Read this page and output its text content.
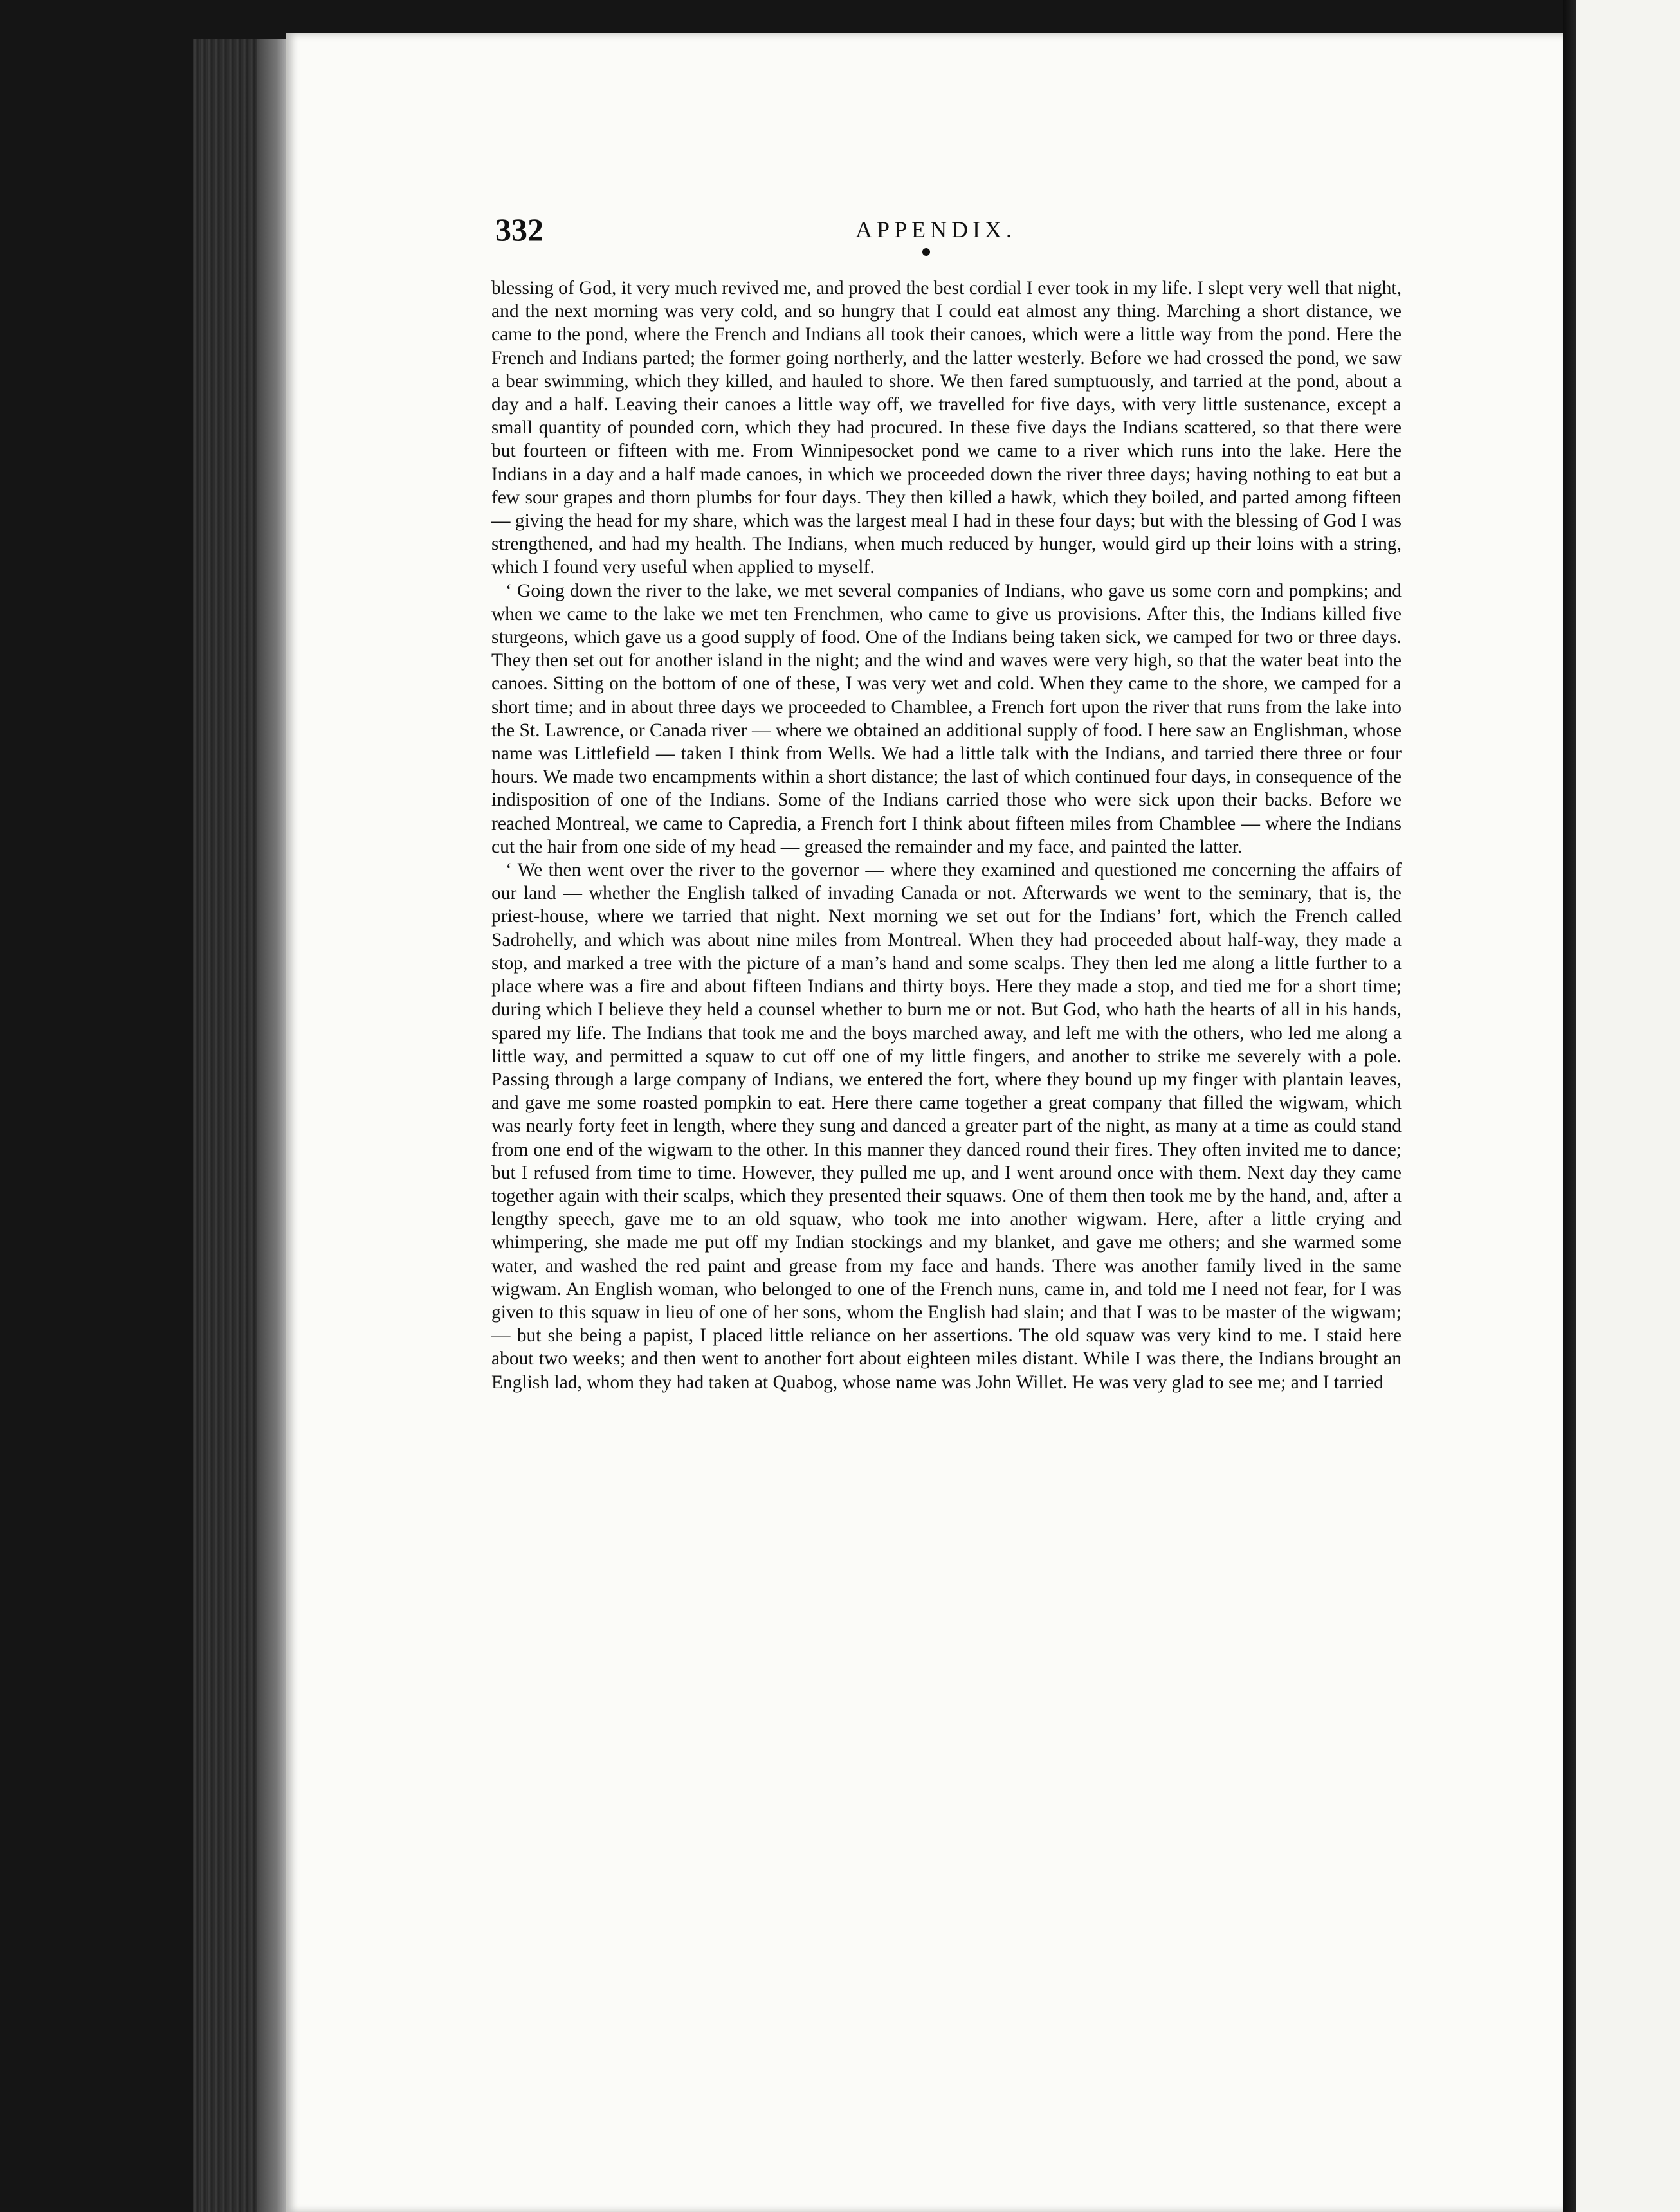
332	APPENDIX.

blessing of God, it very much revived me, and proved the best cordial I ever took in my life. I slept very well that night, and the next morning was very cold, and so hungry that I could eat almost any thing. Marching a short distance, we came to the pond, where the French and Indians all took their canoes, which were a little way from the pond. Here the French and Indians parted; the former going northerly, and the latter westerly. Before we had crossed the pond, we saw a bear swimming, which they killed, and hauled to shore. We then fared sumptuously, and tarried at the pond, about a day and a half. Leaving their canoes a little way off, we travelled for five days, with very little sustenance, except a small quantity of pounded corn, which they had procured. In these five days the Indians scattered, so that there were but fourteen or fifteen with me. From Winnipesocket pond we came to a river which runs into the lake. Here the Indians in a day and a half made canoes, in which we proceeded down the river three days; having nothing to eat but a few sour grapes and thorn plumbs for four days. They then killed a hawk, which they boiled, and parted among fifteen — giving the head for my share, which was the largest meal I had in these four days; but with the blessing of God I was strengthened, and had my health. The Indians, when much reduced by hunger, would gird up their loins with a string, which I found very useful when applied to myself.

‘ Going down the river to the lake, we met several companies of Indians, who gave us some corn and pompkins; and when we came to the lake we met ten Frenchmen, who came to give us provisions. After this, the Indians killed five sturgeons, which gave us a good supply of food. One of the Indians being taken sick, we camped for two or three days. They then set out for another island in the night; and the wind and waves were very high, so that the water beat into the canoes. Sitting on the bottom of one of these, I was very wet and cold. When they came to the shore, we camped for a short time; and in about three days we proceeded to Chamblee, a French fort upon the river that runs from the lake into the St. Lawrence, or Canada river — where we obtained an additional supply of food. I here saw an Englishman, whose name was Littlefield — taken I think from Wells. We had a little talk with the Indians, and tarried there three or four hours. We made two encampments within a short distance; the last of which continued four days, in consequence of the indisposition of one of the Indians. Some of the Indians carried those who were sick upon their backs. Before we reached Montreal, we came to Capredia, a French fort I think about fifteen miles from Chamblee — where the Indians cut the hair from one side of my head — greased the remainder and my face, and painted the latter.

‘ We then went over the river to the governor — where they examined and questioned me concerning the affairs of our land — whether the English talked of invading Canada or not. Afterwards we went to the seminary, that is, the priest-house, where we tarried that night. Next morning we set out for the Indians’ fort, which the French called Sadrohelly, and which was about nine miles from Montreal. When they had proceeded about half-way, they made a stop, and marked a tree with the picture of a man’s hand and some scalps. They then led me along a little further to a place where was a fire and about fifteen Indians and thirty boys. Here they made a stop, and tied me for a short time; during which I believe they held a counsel whether to burn me or not. But God, who hath the hearts of all in his hands, spared my life. The Indians that took me and the boys marched away, and left me with the others, who led me along a little way, and permitted a squaw to cut off one of my little fingers, and another to strike me severely with a pole. Passing through a large company of Indians, we entered the fort, where they bound up my finger with plantain leaves, and gave me some roasted pompkin to eat. Here there came together a great company that filled the wigwam, which was nearly forty feet in length, where they sung and danced a greater part of the night, as many at a time as could stand from one end of the wigwam to the other. In this manner they danced round their fires. They often invited me to dance; but I refused from time to time. However, they pulled me up, and I went around once with them. Next day they came together again with their scalps, which they presented their squaws. One of them then took me by the hand, and, after a lengthy speech, gave me to an old squaw, who took me into another wigwam. Here, after a little crying and whimpering, she made me put off my Indian stockings and my blanket, and gave me others; and she warmed some water, and washed the red paint and grease from my face and hands. There was another family lived in the same wigwam. An English woman, who belonged to one of the French nuns, came in, and told me I need not fear, for I was given to this squaw in lieu of one of her sons, whom the English had slain; and that I was to be master of the wigwam; — but she being a papist, I placed little reliance on her assertions. The old squaw was very kind to me. I staid here about two weeks; and then went to another fort about eighteen miles distant. While I was there, the Indians brought an English lad, whom they had taken at Quabog, whose name was John Willet. He was very glad to see me; and I tarried
